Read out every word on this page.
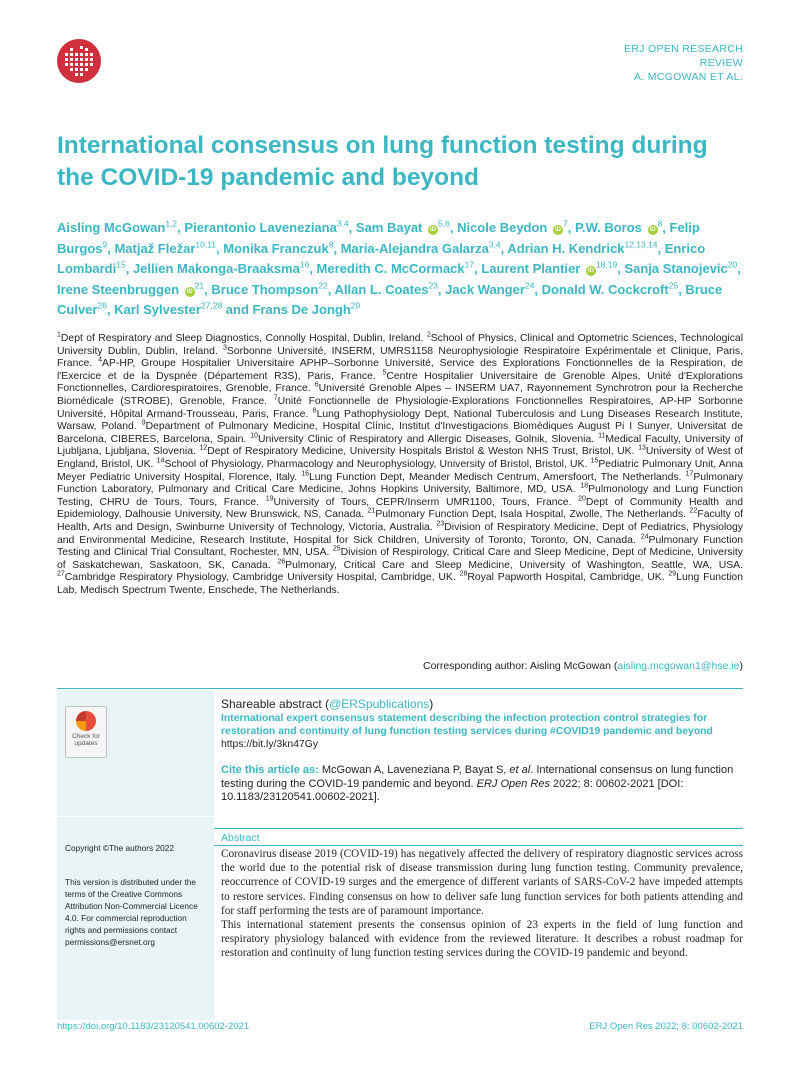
ERJ OPEN RESEARCH
REVIEW
A. MCGOWAN ET AL.
International consensus on lung function testing during the COVID-19 pandemic and beyond

Aisling McGowan$^{1,2}$, Pierantonio Laveneziana$^{3,4}$, Sam Bayat iD$^{5,6}$, Nicole Beydon $iD^7$, P.W. Boros $iD^8$, Felip Burgos$^9$, Matjaž Fležar$^{10,11}$, Monika Franczuk$^8$, Maria-Alejandra Galarza$^{3,4}$, Adrian H. Kendrick$^{12,13,14}$, Enrico Lombardi$^{15}$, Jellien Makonga-Braaksma$^{16}$, Meredith C. McCormack$^{17}$, Laurent Plantier iD$^{18,19}$, Sanja Stanojevic$^{20}$, Irene Steenbruggen $iD^{21}$, Bruce Thompson$^{22}$, Allan L. Coates$^{23}$, Jack Wanger$^{24}$, Donald W. Cockcroft$^{25}$, Bruce Culver$^{26}$, Karl Sylvester$^{27,28}$ and Frans De Jongh$^{29}$

$^1$Dept of Respiratory and Sleep Diagnostics, Connolly Hospital, Dublin, Ireland. $^2$School of Physics, Clinical and Optometric Sciences, Technological University Dublin, Dublin, Ireland. $^3$Sorbonne Université, INSERM, UMRS1158 Neurophysiologie Respiratoire Expérimentale et Clinique, Paris, France. $^4$AP-HP, Groupe Hospitalier Universitaire APHP–Sorbonne Université, Service des Explorations Fonctionnelles de la Respiration, de l'Exercice et de la Dyspnée (Département R3S), Paris, France. $^5$Centre Hospitalier Universitaire de Grenoble Alpes, Unité d'Explorations Fonctionnelles, Cardiorespiratoires, Grenoble, France. $^6$Université Grenoble Alpes – INSERM UA7, Rayonnement Synchrotron pour la Recherche Biomédicale (STROBE), Grenoble, France. $^7$Unité Fonctionnelle de Physiologie-Explorations Fonctionnelles Respiratoires, AP-HP Sorbonne Université, Hôpital Armand-Trousseau, Paris, France. $^8$Lung Pathophysiology Dept, National Tuberculosis and Lung Diseases Research Institute, Warsaw, Poland. $^9$Department of Pulmonary Medicine, Hospital Clínic, Institut d'Investigacions Biomèdiques August Pi I Sunyer, Universitat de Barcelona, CIBERES, Barcelona, Spain. $^{10}$University Clinic of Respiratory and Allergic Diseases, Golnik, Slovenia. $^{11}$Medical Faculty, University of Ljubljana, Ljubljana, Slovenia. $^{12}$Dept of Respiratory Medicine, University Hospitals Bristol & Weston NHS Trust, Bristol, UK. $^{13}$University of West of England, Bristol, UK. $^{14}$School of Physiology, Pharmacology and Neurophysiology, University of Bristol, Bristol, UK. $^{15}$Pediatric Pulmonary Unit, Anna Meyer Pediatric University Hospital, Florence, Italy. $^{16}$Lung Function Dept, Meander Medisch Centrum, Amersfoort, The Netherlands. $^{17}$Pulmonary Function Laboratory, Pulmonary and Critical Care Medicine, Johns Hopkins University, Baltimore, MD, USA. $^{18}$Pulmonology and Lung Function Testing, CHRU de Tours, Tours, France. $^{19}$University of Tours, CEPR/Inserm UMR1100, Tours, France. $^{20}$Dept of Community Health and Epidemiology, Dalhousie University, New Brunswick, NS, Canada. $^{21}$Pulmonary Function Dept, Isala Hospital, Zwolle, The Netherlands. $^{22}$Faculty of Health, Arts and Design, Swinburne University of Technology, Victoria, Australia. $^{23}$Division of Respiratory Medicine, Dept of Pediatrics, Physiology and Environmental Medicine, Research Institute, Hospital for Sick Children, University of Toronto, Toronto, ON, Canada. $^{24}$Pulmonary Function Testing and Clinical Trial Consultant, Rochester, MN, USA. $^{25}$Division of Respirology, Critical Care and Sleep Medicine, Dept of Medicine, University of Saskatchewan, Saskatoon, SK, Canada. $^{26}$Pulmonary, Critical Care and Sleep Medicine, University of Washington, Seattle, WA, USA. $^{27}$Cambridge Respiratory Physiology, Cambridge University Hospital, Cambridge, UK. $^{28}$Royal Papworth Hospital, Cambridge, UK. $^{29}$Lung Function Lab, Medisch Spectrum Twente, Enschede, The Netherlands.

Corresponding author: Aisling McGowan (aisling.mcgowan1@hse.ie)
Check for
updates
Copyright ©The authors 2022
This version is distributed under the terms of the Creative Commons Attribution Non-Commercial Licence 4.0. For commercial reproduction rights and permissions contact permissions@ersnet.org
Shareable abstract (@ERSpublications)
International expert consensus statement describing the infection protection control strategies for restoration and continuity of lung function testing services during #COVID19 pandemic and beyond
https://bit.ly/3kn47Gy
Cite this article as: McGowan A, Laveneziana P, Bayat S, et al. International consensus on lung function testing during the COVID-19 pandemic and beyond. ERJ Open Res 2022; 8: 00602-2021 [DOI: 10.1183/23120541.00602-2021].
Abstract

Coronavirus disease 2019 (COVID-19) has negatively affected the delivery of respiratory diagnostic services across the world due to the potential risk of disease transmission during lung function testing. Community prevalence, reoccurrence of COVID-19 surges and the emergence of different variants of SARS-CoV-2 have impeded attempts to restore services. Finding consensus on how to deliver safe lung function services for both patients attending and for staff performing the tests are of paramount importance.

This international statement presents the consensus opinion of 23 experts in the field of lung function and respiratory physiology balanced with evidence from the reviewed literature. It describes a robust roadmap for restoration and continuity of lung function testing services during the COVID-19 pandemic and beyond.

https://doi.org/10.1183/23120541.00602-2021	ERJ Open Res 2022; 8: 00602-2021
